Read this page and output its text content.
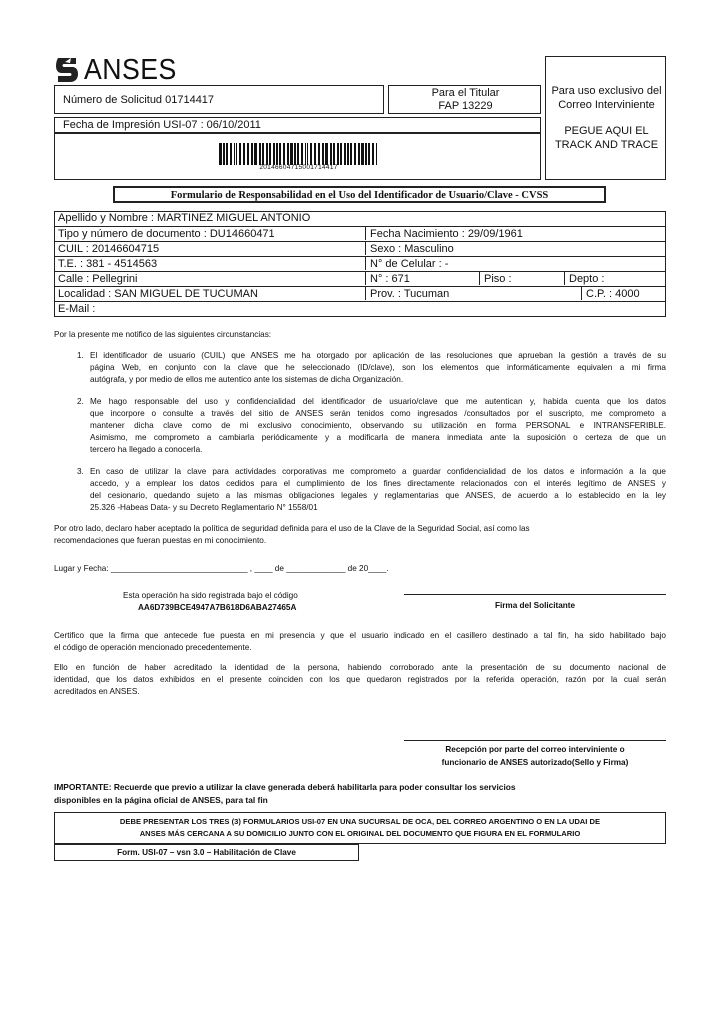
ANSES
Número de Solicitud 01714417
Para el Titular
FAP 13229
Para uso exclusivo del
Correo Interviniente
PEGUE AQUI EL
TRACK AND TRACE
Fecha de Impresión USI-07 : 06/10/2011
20146604715001714417
Formulario de Responsabilidad en el Uso del Identificador de Usuario/Clave - CVSS
Apellido y Nombre : MARTINEZ MIGUEL ANTONIO
Tipo y número de documento : DU14660471	Fecha Nacimiento : 29/09/1961
CUIL : 20146604715	Sexo : Masculino
T.E. : 381 - 4514563	N° de Celular : -
Calle : Pellegrini	N° : 671	Piso :	Depto :
Localidad : SAN MIGUEL DE TUCUMAN	Prov. : Tucuman	C.P. : 4000
E-Mail :
Por la presente me notifico de las siguientes circunstancias:
1. El identificador de usuario (CUIL) que ANSES me ha otorgado por aplicación de las resoluciones que aprueban la gestión a través de su
página Web, en conjunto con la clave que he seleccionado (ID/clave), son los elementos que informáticamente equivalen a mi firma
autógrafa, y por medio de ellos me autentico ante los sistemas de dicha Organización.
2. Me hago responsable del uso y confidencialidad del identificador de usuario/clave que me autentican y, habida cuenta que los datos
que incorpore o consulte a través del sitio de ANSES serán tenidos como ingresados /consultados por el suscripto, me comprometo a
mantener dicha clave como de mi exclusivo conocimiento, observando su utilización en forma PERSONAL e INTRANSFERIBLE.
Asimismo, me comprometo a cambiarla periódicamente y a modificarla de manera inmediata ante la suposición o certeza de que un
tercero ha llegado a conocerla.
3. En caso de utilizar la clave para actividades corporativas me comprometo a guardar confidencialidad de los datos e información a la que
accedo, y a emplear los datos cedidos para el cumplimiento de los fines directamente relacionados con el interés legítimo de ANSES y
del cesionario, quedando sujeto a las mismas obligaciones legales y reglamentarias que ANSES, de acuerdo a lo establecido en la ley
25.326 -Habeas Data- y su Decreto Reglamentario N° 1558/01
Por otro lado, declaro haber aceptado la política de seguridad definida para el uso de la Clave de la Seguridad Social, así como las
recomendaciones que fueran puestas en mi conocimiento.
Lugar y Fecha: ______________________________ , ____ de _____________ de 20____.
Esta operación ha sido registrada bajo el código
AA6D739BCE4947A7B618D6ABA27465A	Firma del Solicitante
Certifico que la firma que antecede fue puesta en mi presencia y que el usuario indicado en el casillero destinado a tal fin, ha sido habilitado bajo
el código de operación mencionado precedentemente.
Ello en función de haber acreditado la identidad de la persona, habiendo corroborado ante la presentación de su documento nacional de
identidad, que los datos exhibidos en el presente coinciden con los que quedaron registrados por la referida operación, razón por la cual serán
acreditados en ANSES.
Recepción por parte del correo interviniente o
funcionario de ANSES autorizado(Sello y Firma)
IMPORTANTE: Recuerde que previo a utilizar la clave generada deberá habilitarla para poder consultar los servicios
disponibles en la página oficial de ANSES, para tal fin
DEBE PRESENTAR LOS TRES (3) FORMULARIOS USI-07 EN UNA SUCURSAL DE OCA, DEL CORREO ARGENTINO O EN LA UDAI DE
ANSES MÁS CERCANA A SU DOMICILIO JUNTO CON EL ORIGINAL DEL DOCUMENTO QUE FIGURA EN EL FORMULARIO
Form. USI-07 – vsn 3.0 – Habilitación de Clave
